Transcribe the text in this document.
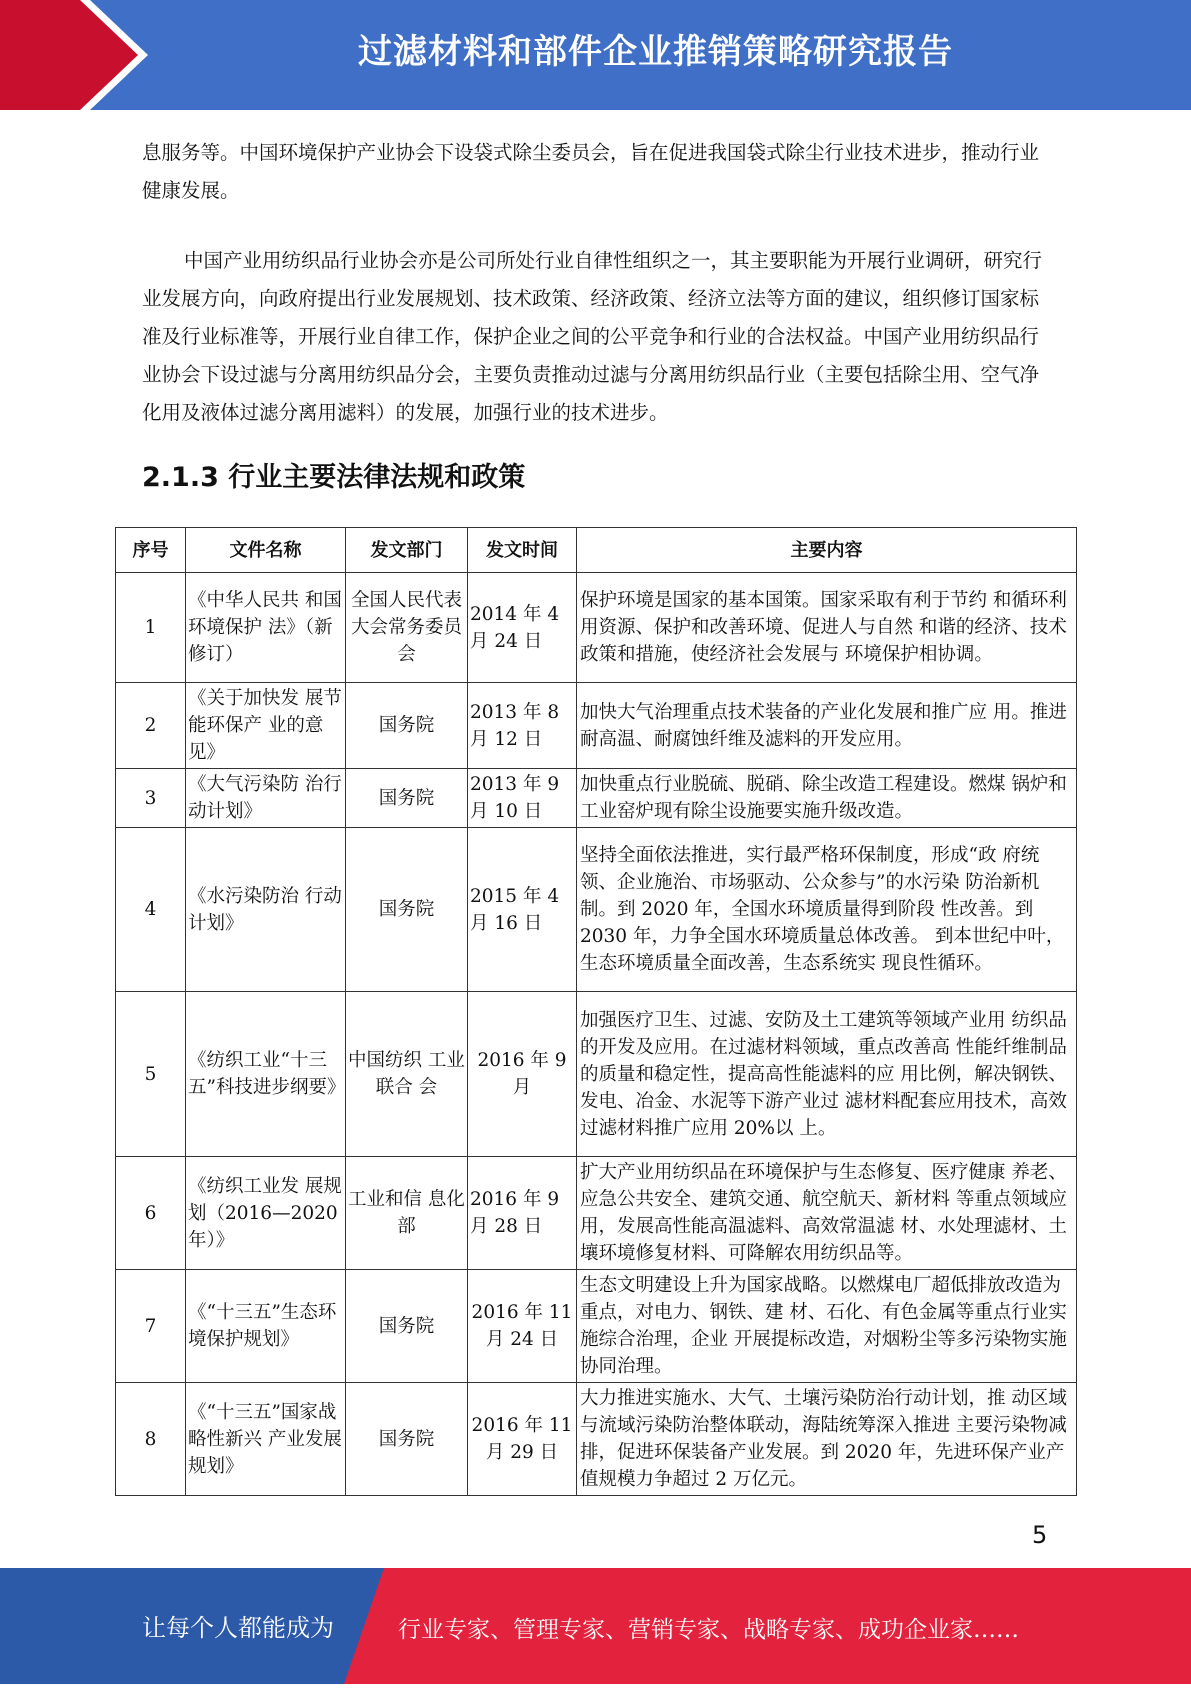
过滤材料和部件企业推销策略研究报告
息服务等。中国环境保护产业协会下设袋式除尘委员会，旨在促进我国袋式除尘行业技术进步，推动行业健康发展。
中国产业用纺织品行业协会亦是公司所处行业自律性组织之一，其主要职能为开展行业调研，研究行业发展方向，向政府提出行业发展规划、技术政策、经济政策、经济立法等方面的建议，组织修订国家标准及行业标准等，开展行业自律工作，保护企业之间的公平竞争和行业的合法权益。中国产业用纺织品行业协会下设过滤与分离用纺织品分会，主要负责推动过滤与分离用纺织品行业（主要包括除尘用、空气净化用及液体过滤分离用滤料）的发展，加强行业的技术进步。
2.1.3 行业主要法律法规和政策
序号	文件名称	发文部门	发文时间	主要内容
1	《中华人民共 和国环境保护 法》（新修订）	全国人民代表大会常务委员会	2014 年 4 月 24 日	保护环境是国家的基本国策。国家采取有利于节约 和循环利用资源、保护和改善环境、促进人与自然 和谐的经济、技术政策和措施，使经济社会发展与 环境保护相协调。
2	《关于加快发 展节能环保产 业的意见》	国务院	2013 年 8 月 12 日	加快大气治理重点技术装备的产业化发展和推广应 用。推进耐高温、耐腐蚀纤维及滤料的开发应用。
3	《大气污染防 治行动计划》	国务院	2013 年 9 月 10 日	加快重点行业脱硫、脱硝、除尘改造工程建设。燃煤 锅炉和工业窑炉现有除尘设施要实施升级改造。
4	《水污染防治 行动计划》	国务院	2015 年 4 月 16 日	坚持全面依法推进，实行最严格环保制度，形成“政 府统领、企业施治、市场驱动、公众参与”的水污染 防治新机制。到 2020 年，全国水环境质量得到阶段 性改善。到 2030 年，力争全国水环境质量总体改善。 到本世纪中叶，生态环境质量全面改善，生态系统实 现良性循环。
5	《纺织工业“十三五”科技进步纲要》	中国纺织 工业联合 会	2016 年 9 月	加强医疗卫生、过滤、安防及土工建筑等领域产业用 纺织品的开发及应用。在过滤材料领域，重点改善高 性能纤维制品的质量和稳定性，提高高性能滤料的应 用比例，解决钢铁、发电、冶金、水泥等下游产业过 滤材料配套应用技术，高效过滤材料推广应用 20%以 上。
6	《纺织工业发 展规划（2016—2020年）》	工业和信 息化部	2016 年 9 月 28 日	扩大产业用纺织品在环境保护与生态修复、医疗健康 养老、应急公共安全、建筑交通、航空航天、新材料 等重点领域应用，发展高性能高温滤料、高效常温滤 材、水处理滤材、土壤环境修复材料、可降解农用纺织品等。
7	《“十三五”生态环境保护规划》	国务院	2016 年 11 月 24 日	生态文明建设上升为国家战略。以燃煤电厂超低排放改造为重点，对电力、钢铁、建 材、石化、有色金属等重点行业实施综合治理，企业 开展提标改造，对烟粉尘等多污染物实施协同治理。
8	《“十三五”国家战略性新兴 产业发展规划》	国务院	2016 年 11 月 29 日	大力推进实施水、大气、土壤污染防治行动计划，推 动区域与流域污染防治整体联动，海陆统筹深入推进 主要污染物减排，促进环保装备产业发展。到 2020 年，先进环保产业产值规模力争超过 2 万亿元。
5
让每个人都能成为	行业专家、管理专家、营销专家、战略专家、成功企业家……
